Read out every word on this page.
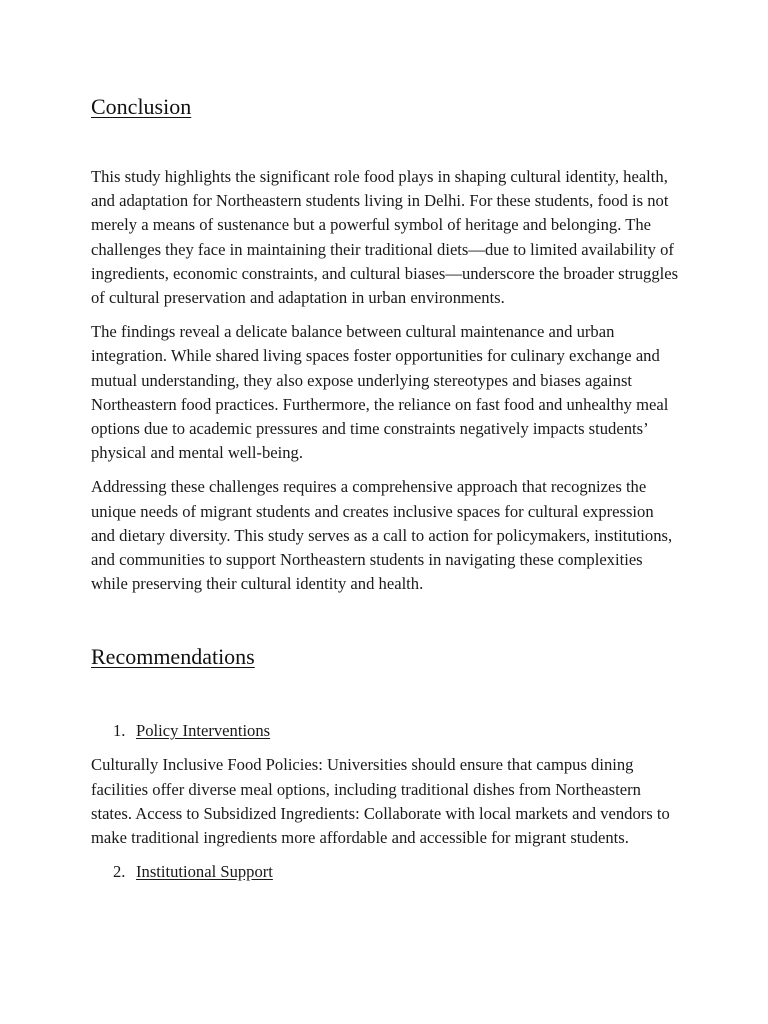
Conclusion

This study highlights the significant role food plays in shaping cultural identity, health, and adaptation for Northeastern students living in Delhi. For these students, food is not merely a means of sustenance but a powerful symbol of heritage and belonging. The challenges they face in maintaining their traditional diets—due to limited availability of ingredients, economic constraints, and cultural biases—underscore the broader struggles of cultural preservation and adaptation in urban environments.

The findings reveal a delicate balance between cultural maintenance and urban integration. While shared living spaces foster opportunities for culinary exchange and mutual understanding, they also expose underlying stereotypes and biases against Northeastern food practices. Furthermore, the reliance on fast food and unhealthy meal options due to academic pressures and time constraints negatively impacts students’ physical and mental well-being.

Addressing these challenges requires a comprehensive approach that recognizes the unique needs of migrant students and creates inclusive spaces for cultural expression and dietary diversity. This study serves as a call to action for policymakers, institutions, and communities to support Northeastern students in navigating these complexities while preserving their cultural identity and health.

Recommendations
1. Policy Interventions

Culturally Inclusive Food Policies: Universities should ensure that campus dining facilities offer diverse meal options, including traditional dishes from Northeastern states. Access to Subsidized Ingredients: Collaborate with local markets and vendors to make traditional ingredients more affordable and accessible for migrant students.

2. Institutional Support
